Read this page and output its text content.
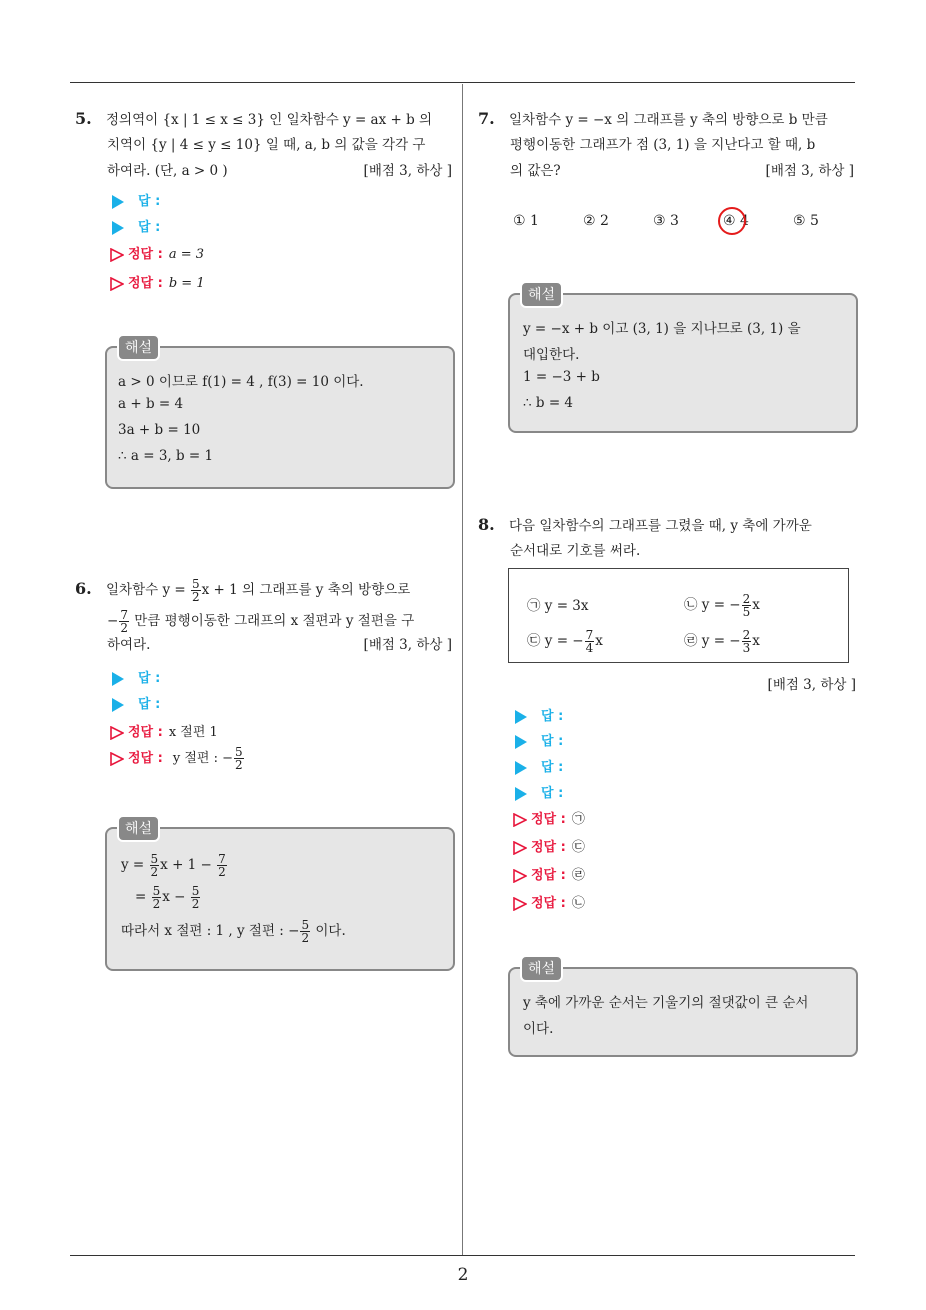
5. 정의역이 {x | 1 ≤ x ≤ 3} 인 일차함수 y = ax + b 의
치역이 {y | 4 ≤ y ≤ 10} 일 때, a, b 의 값을 각각 구
하여라. (단, a > 0 )	[배점 3, 하상 ]
답 :
답 :
정답 : a = 3
정답 : b = 1
a > 0 이므로 f(1) = 4 , f(3) = 10 이다.
a + b = 4
3a + b = 10
∴ a = 3, b = 1
해설
6. 일차함수 $y = \frac{5}{2}$ x + 1 의 그래프를 y 축의 방향으로
− $\frac{7}{2}$ 만큼 평행이동한 그래프의 x 절편과 y 절편을 구
하여라.	[배점 3, 하상 ]
답 :
답 :
정답 : x 절편 1
정답 : y 절편 : − $\frac{5}{2}$
$y = \frac{5}{2}$ $x + 1 - \frac{7}{2}$
= $\frac{5}{2}$ $x - \frac{5}{2}$
따라서 x 절편 : 1 , y 절편 : − $\frac{5}{2}$ 이다.
해설
7. 일차함수 y = −x 의 그래프를 y 축의 방향으로 b 만큼
평행이동한 그래프가 점 (3, 1) 을 지난다고 할 때, b
의 값은?	[배점 3, 하상 ]
① 1	② 2	③ 3	④ 4	⑤ 5
y = −x + b 이고 (3, 1) 을 지나므로 (3, 1) 을
대입한다.
1 = −3 + b
∴ b = 4
해설
8. 다음 일차함수의 그래프를 그렸을 때, y 축에 가까운
순서대로 기호를 써라.
㉠ y = 3x	㉡ y = − $\frac{2}{5}$ x
㉢ y = − $\frac{7}{4}$ x	㉣ y = − $\frac{2}{3}$ x
[배점 3, 하상 ]
답 :
답 :
답 :
답 :
정답 : ㉠
정답 : ㉢
정답 : ㉣
정답 : ㉡
y 축에 가까운 순서는 기울기의 절댓값이 큰 순서
이다.
해설
2
